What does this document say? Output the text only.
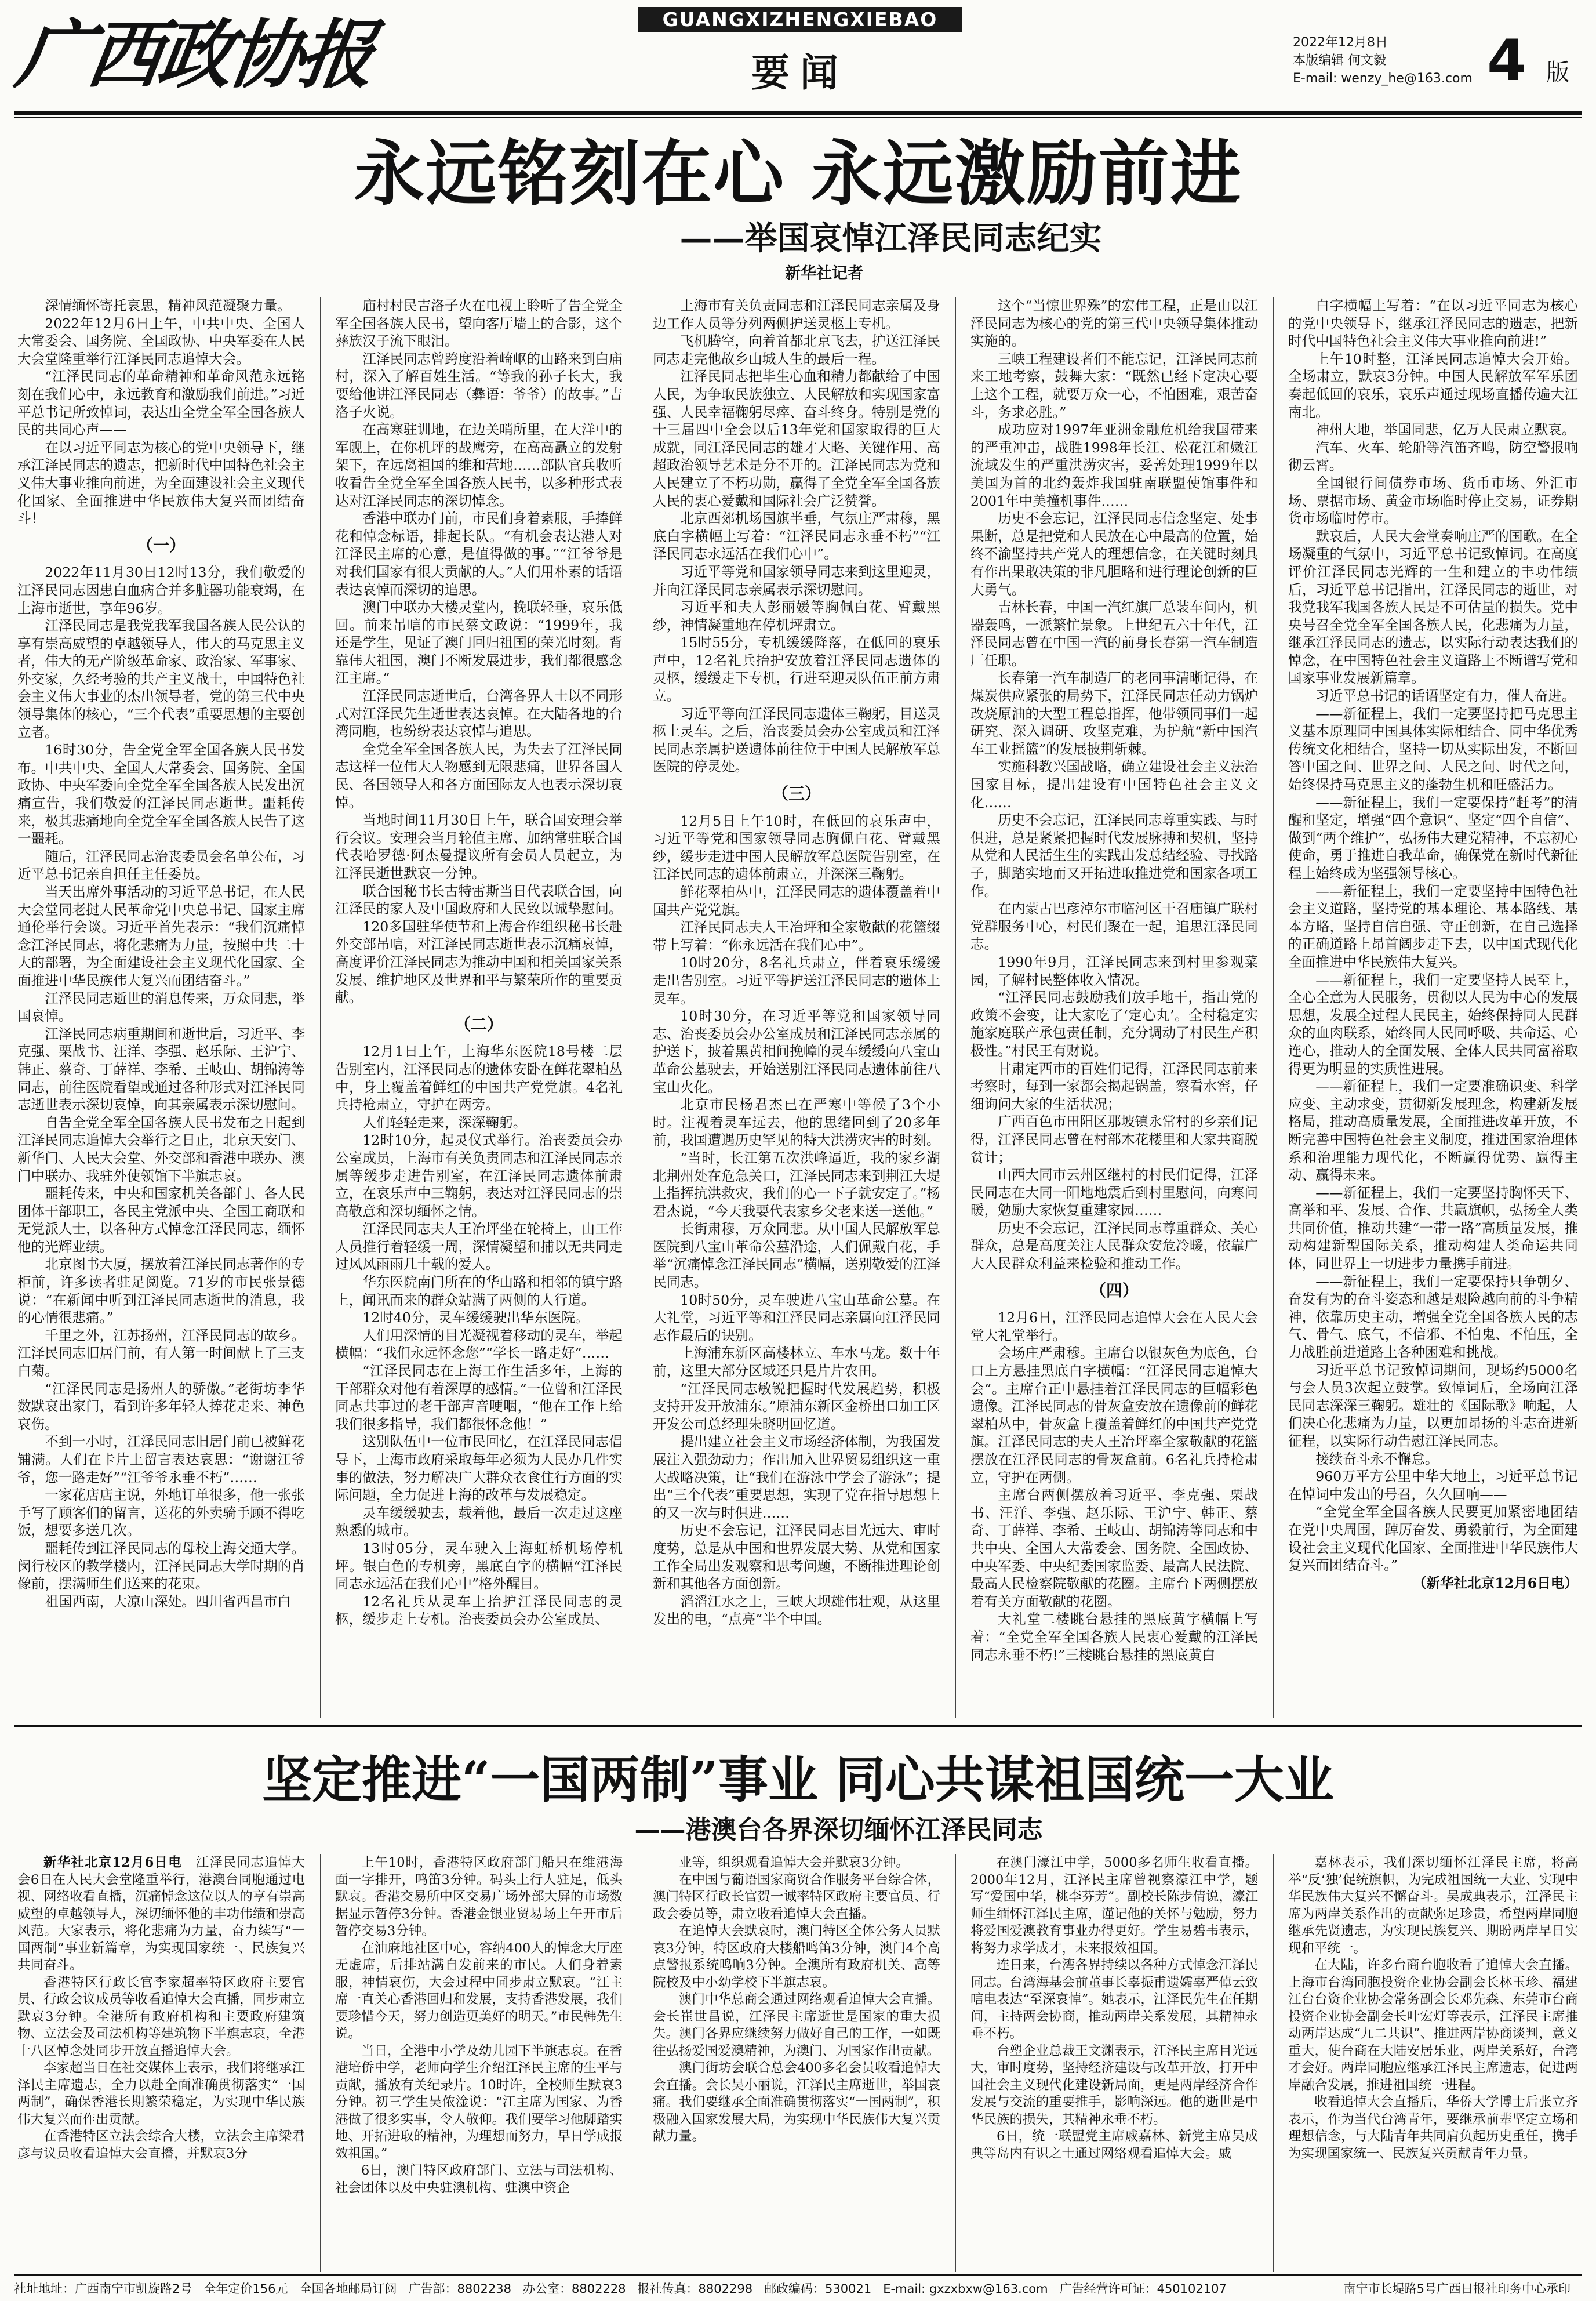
广西政协报	GUANGXIZHENGXIEBAO
要闻
2022年12月8日
本版编辑 何文毅
E-mail: wenzy_he@163.com 4 版
永远铭刻在心 永远激励前进
——举国哀悼江泽民同志纪实
新华社记者
坚定推进“一国两制”事业 同心共谋祖国统一大业
——港澳台各界深切缅怀江泽民同志
社址地址：广西南宁市凯旋路2号 全年定价156元 全国各地邮局订阅 广告部：8802238 办公室：8802228 报社传真：8802298 邮政编码：530021 E-mail: gxzxbxw@163.com 广告经营许可证：450102107	南宁市长堤路5号广西日报社印务中心承印

深情缅怀寄托哀思，精神风范凝聚力量。

2022年12月6日上午，中共中央、全国人大常委会、国务院、全国政协、中央军委在人民大会堂隆重举行江泽民同志追悼大会。

“江泽民同志的革命精神和革命风范永远铭刻在我们心中，永远教育和激励我们前进。”习近平总书记所致悼词，表达出全党全军全国各族人民的共同心声——

在以习近平同志为核心的党中央领导下，继承江泽民同志的遗志，把新时代中国特色社会主义伟大事业推向前进，为全面建设社会主义现代化国家、全面推进中华民族伟大复兴而团结奋斗！

（一）

2022年11月30日12时13分，我们敬爱的江泽民同志因患白血病合并多脏器功能衰竭，在上海市逝世，享年96岁。

江泽民同志是我党我军我国各族人民公认的享有崇高威望的卓越领导人，伟大的马克思主义者，伟大的无产阶级革命家、政治家、军事家、外交家，久经考验的共产主义战士，中国特色社会主义伟大事业的杰出领导者，党的第三代中央领导集体的核心，“三个代表”重要思想的主要创立者。

16时30分，告全党全军全国各族人民书发布。中共中央、全国人大常委会、国务院、全国政协、中央军委向全党全军全国各族人民发出沉痛宣告，我们敬爱的江泽民同志逝世。噩耗传来，极其悲痛地向全党全军全国各族人民告了这一噩耗。

随后，江泽民同志治丧委员会名单公布，习近平总书记亲自担任主任委员。

当天出席外事活动的习近平总书记，在人民大会堂同老挝人民革命党中央总书记、国家主席通伦举行会谈。习近平首先表示：“我们沉痛悼念江泽民同志，将化悲痛为力量，按照中共二十大的部署，为全面建设社会主义现代化国家、全面推进中华民族伟大复兴而团结奋斗。”

江泽民同志逝世的消息传来，万众同悲，举国哀悼。

江泽民同志病重期间和逝世后，习近平、李克强、栗战书、汪洋、李强、赵乐际、王沪宁、韩正、蔡奇、丁薛祥、李希、王岐山、胡锦涛等同志，前往医院看望或通过各种形式对江泽民同志逝世表示深切哀悼，向其亲属表示深切慰问。

自告全党全军全国各族人民书发布之日起到江泽民同志追悼大会举行之日止，北京天安门、新华门、人民大会堂、外交部和香港中联办、澳门中联办、我驻外使领馆下半旗志哀。

噩耗传来，中央和国家机关各部门、各人民团体干部职工，各民主党派中央、全国工商联和无党派人士，以各种方式悼念江泽民同志，缅怀他的光辉业绩。

北京图书大厦，摆放着江泽民同志著作的专柜前，许多读者驻足阅览。71岁的市民张景德说：“在新闻中听到江泽民同志逝世的消息，我的心情很悲痛。”

千里之外，江苏扬州，江泽民同志的故乡。江泽民同志旧居门前，有人第一时间献上了三支白菊。

“江泽民同志是扬州人的骄傲。”老街坊李华数默哀出家门，看到许多年轻人捧花走来、神色哀伤。

不到一小时，江泽民同志旧居门前已被鲜花铺满。人们在卡片上留言表达哀思：“谢谢江爷爷，您一路走好”“江爷爷永垂不朽”……

一家花店店主说，外地订单很多，他一张张手写了顾客们的留言，送花的外卖骑手顾不得吃饭，想要多送几次。

噩耗传到江泽民同志的母校上海交通大学。闵行校区的教学楼内，江泽民同志大学时期的肖像前，摆满师生们送来的花束。

祖国西南，大凉山深处。四川省西昌市白

庙村村民吉洛子火在电视上聆听了告全党全军全国各族人民书，望向客厅墙上的合影，这个彝族汉子流下眼泪。

江泽民同志曾跨度沿着崎岖的山路来到白庙村，深入了解百姓生活。“等我的孙子长大，我要给他讲江泽民同志（彝语：爷爷）的故事。”吉洛子火说。

在高寒驻训地，在边关哨所里，在大洋中的军舰上，在你机坪的战鹰旁，在高高矗立的发射架下，在远离祖国的维和营地……部队官兵收听收看告全党全军全国各族人民书，以多种形式表达对江泽民同志的深切悼念。

香港中联办门前，市民们身着素服，手捧鲜花和悼念标语，排起长队。“有机会表达港人对江泽民主席的心意，是值得做的事。”“江爷爷是对我们国家有很大贡献的人。”人们用朴素的话语表达哀悼而深切的追思。

澳门中联办大楼灵堂内，挽联轻垂，哀乐低回。前来吊唁的市民蔡文政说：“1999年，我还是学生，见证了澳门回归祖国的荣光时刻。背靠伟大祖国，澳门不断发展进步，我们都很感念江主席。”

江泽民同志逝世后，台湾各界人士以不同形式对江泽民先生逝世表达哀悼。在大陆各地的台湾同胞，也纷纷表达哀悼与追思。

全党全军全国各族人民，为失去了江泽民同志这样一位伟大人物感到无限悲痛，世界各国人民、各国领导人和各方面国际友人也表示深切哀悼。

当地时间11月30日上午，联合国安理会举行会议。安理会当月轮值主席、加纳常驻联合国代表哈罗德·阿杰曼提议所有会员人员起立，为江泽民逝世默哀一分钟。

联合国秘书长古特雷斯当日代表联合国，向江泽民的家人及中国政府和人民致以诚挚慰问。

120多国驻华使节和上海合作组织秘书长赴外交部吊唁，对江泽民同志逝世表示沉痛哀悼，高度评价江泽民同志为推动中国和相关国家关系发展、维护地区及世界和平与繁荣所作的重要贡献。

（二）

12月1日上午，上海华东医院18号楼二层告别室内，江泽民同志的遗体安卧在鲜花翠柏丛中，身上覆盖着鲜红的中国共产党党旗。4名礼兵持枪肃立，守护在两旁。

人们轻轻走来，深深鞠躬。

12时10分，起灵仪式举行。治丧委员会办公室成员，上海市有关负责同志和江泽民同志亲属等缓步走进告别室，在江泽民同志遗体前肃立，在哀乐声中三鞠躬，表达对江泽民同志的崇高敬意和深切缅怀之情。

江泽民同志夫人王冶坪坐在轮椅上，由工作人员推行着轻缓一周，深情凝望和捕以无共同走过风风雨雨几十载的爱人。

华东医院南门所在的华山路和相邻的镇宁路上，闻讯而来的群众站满了两侧的人行道。

12时40分，灵车缓缓驶出华东医院。

人们用深情的目光凝视着移动的灵车，举起横幅：“我们永远怀念您”“学长一路走好”……

“江泽民同志在上海工作生活多年，上海的干部群众对他有着深厚的感情。”一位曾和江泽民同志共事过的老干部声音哽咽，“他在工作上给我们很多指导，我们都很怀念他！”

这别队伍中一位市民回忆，在江泽民同志倡导下，上海市政府采取每年必须为人民办几件实事的做法，努力解决广大群众衣食住行方面的实际问题，全力促进上海的改革与发展稳定。

灵车缓缓驶去，载着他，最后一次走过这座熟悉的城市。

13时05分，灵车驶入上海虹桥机场停机坪。银白色的专机旁，黑底白字的横幅“江泽民同志永远活在我们心中”格外醒目。

12名礼兵从灵车上抬护江泽民同志的灵柩，缓步走上专机。治丧委员会办公室成员、

上海市有关负责同志和江泽民同志亲属及身边工作人员等分列两侧护送灵柩上专机。

飞机腾空，向着首都北京飞去，护送江泽民同志走完他故乡山城人生的最后一程。

江泽民同志把毕生心血和精力都献给了中国人民，为争取民族独立、人民解放和实现国家富强、人民幸福鞠躬尽瘁、奋斗终身。特别是党的十三届四中全会以后13年党和国家取得的巨大成就，同江泽民同志的雄才大略、关键作用、高超政治领导艺术是分不开的。江泽民同志为党和人民建立了不朽功勋，赢得了全党全军全国各族人民的衷心爱戴和国际社会广泛赞誉。

北京西郊机场国旗半垂，气氛庄严肃穆，黑底白字横幅上写着：“江泽民同志永垂不朽”“江泽民同志永远活在我们心中”。

习近平等党和国家领导同志来到这里迎灵，并向江泽民同志亲属表示深切慰问。

习近平和夫人彭丽媛等胸佩白花、臂戴黑纱，神情凝重地在停机坪肃立。

15时55分，专机缓缓降落，在低回的哀乐声中，12名礼兵抬护安放着江泽民同志遗体的灵柩，缓缓走下专机，行进至迎灵队伍正前方肃立。

习近平等向江泽民同志遗体三鞠躬，目送灵柩上灵车。之后，治丧委员会办公室成员和江泽民同志亲属护送遗体前往位于中国人民解放军总医院的停灵处。

（三）

12月5日上午10时，在低回的哀乐声中，习近平等党和国家领导同志胸佩白花、臂戴黑纱，缓步走进中国人民解放军总医院告别室，在江泽民同志的遗体前肃立，并深深三鞠躬。

鲜花翠柏丛中，江泽民同志的遗体覆盖着中国共产党党旗。

江泽民同志夫人王冶坪和全家敬献的花篮缀带上写着：“你永远活在我们心中”。

10时20分，8名礼兵肃立，伴着哀乐缓缓走出告别室。习近平等护送江泽民同志的遗体上灵车。

10时30分，在习近平等党和国家领导同志、治丧委员会办公室成员和江泽民同志亲属的护送下，披着黑黄相间挽幛的灵车缓缓向八宝山革命公墓驶去，开始送别江泽民同志遗体前往八宝山火化。

北京市民杨君杰已在严寒中等候了3个小时。注视着灵车远去，他的思绪回到了20多年前，我国遭遇历史罕见的特大洪涝灾害的时刻。

“当时，长江第五次洪峰逼近，我的家乡湖北荆州处在危急关口，江泽民同志来到荆江大堤上指挥抗洪救灾，我们的心一下子就安定了。”杨君杰说，“今天我要代表家乡父老来送一送他。”

长街肃穆，万众同悲。从中国人民解放军总医院到八宝山革命公墓沿途，人们佩戴白花，手举“沉痛悼念江泽民同志”横幅，送别敬爱的江泽民同志。

10时50分，灵车驶进八宝山革命公墓。在大礼堂，习近平等和江泽民同志亲属向江泽民同志作最后的诀别。

上海浦东新区高楼林立、车水马龙。数十年前，这里大部分区域还只是片片农田。

“江泽民同志敏锐把握时代发展趋势，积极支持开发开放浦东。”原浦东新区金桥出口加工区开发公司总经理朱晓明回忆道。

提出建立社会主义市场经济体制，为我国发展注入强劲动力；作出加入世界贸易组织这一重大战略决策，让“我们在游泳中学会了游泳”；提出“三个代表”重要思想，实现了党在指导思想上的又一次与时俱进……

历史不会忘记，江泽民同志目光远大、审时度势，总是从中国和世界发展大势、从党和国家工作全局出发观察和思考问题，不断推进理论创新和其他各方面创新。

滔滔江水之上，三峡大坝雄伟壮观，从这里发出的电，“点亮”半个中国。

这个“当惊世界殊”的宏伟工程，正是由以江泽民同志为核心的党的第三代中央领导集体推动实施的。

三峡工程建设者们不能忘记，江泽民同志前来工地考察，鼓舞大家：“既然已经下定决心要上这个工程，就要万众一心，不怕困难，艰苦奋斗，务求必胜。”

成功应对1997年亚洲金融危机给我国带来的严重冲击，战胜1998年长江、松花江和嫩江流域发生的严重洪涝灾害，妥善处理1999年以美国为首的北约轰炸我国驻南联盟使馆事件和2001年中美撞机事件……

历史不会忘记，江泽民同志信念坚定、处事果断，总是把党和人民放在心中最高的位置，始终不渝坚持共产党人的理想信念，在关键时刻具有作出果敢决策的非凡胆略和进行理论创新的巨大勇气。

吉林长春，中国一汽红旗厂总装车间内，机器轰鸣，一派繁忙景象。上世纪五六十年代，江泽民同志曾在中国一汽的前身长春第一汽车制造厂任职。

长春第一汽车制造厂的老同事清晰记得，在煤炭供应紧张的局势下，江泽民同志任动力锅炉改烧原油的大型工程总指挥，他带领同事们一起研究、深入调研、攻坚克难，为护航“新中国汽车工业摇篮”的发展披荆斩棘。

实施科教兴国战略，确立建设社会主义法治国家目标，提出建设有中国特色社会主义文化……

历史不会忘记，江泽民同志尊重实践、与时俱进，总是紧紧把握时代发展脉搏和契机，坚持从党和人民活生生的实践出发总结经验、寻找路子，脚踏实地而又开拓进取推进党和国家各项工作。

在内蒙古巴彦淖尔市临河区干召庙镇广联村党群服务中心，村民们聚在一起，追思江泽民同志。

1990年9月，江泽民同志来到村里参观菜园，了解村民整体收入情况。

“江泽民同志鼓励我们放手地干，指出党的政策不会变，让大家吃了‘定心丸’。全村稳定实施家庭联产承包责任制，充分调动了村民生产积极性。”村民王有财说。

甘肃定西市的百姓们记得，江泽民同志前来考察时，每到一家都会揭起锅盖，察看水窖，仔细询问大家的生活状况；

广西百色市田阳区那坡镇永常村的乡亲们记得，江泽民同志曾在村部木花楼里和大家共商脱贫计；

山西大同市云州区继村的村民们记得，江泽民同志在大同一阳地地震后到村里慰问，向寒问暖，勉励大家恢复重建家园……

历史不会忘记，江泽民同志尊重群众、关心群众，总是高度关注人民群众安危冷暖，依靠广大人民群众利益来检验和推动工作。

（四）

12月6日，江泽民同志追悼大会在人民大会堂大礼堂举行。

会场庄严肃穆。主席台以银灰色为底色，台口上方悬挂黑底白字横幅：“江泽民同志追悼大会”。主席台正中悬挂着江泽民同志的巨幅彩色遗像。江泽民同志的骨灰盒安放在遗像前的鲜花翠柏丛中，骨灰盒上覆盖着鲜红的中国共产党党旗。江泽民同志的夫人王冶坪率全家敬献的花篮摆放在江泽民同志的骨灰盒前。6名礼兵持枪肃立，守护在两侧。

主席台两侧摆放着习近平、李克强、栗战书、汪洋、李强、赵乐际、王沪宁、韩正、蔡奇、丁薛祥、李希、王岐山、胡锦涛等同志和中共中央、全国人大常委会、国务院、全国政协、中央军委、中央纪委国家监委、最高人民法院、最高人民检察院敬献的花圈。主席台下两侧摆放着有关方面敬献的花圈。

大礼堂二楼眺台悬挂的黑底黄字横幅上写着：“全党全军全国各族人民衷心爱戴的江泽民同志永垂不朽!”三楼眺台悬挂的黑底黄白

白字横幅上写着：“在以习近平同志为核心的党中央领导下，继承江泽民同志的遗志，把新时代中国特色社会主义伟大事业推向前进!”

上午10时整，江泽民同志追悼大会开始。全场肃立，默哀3分钟。中国人民解放军军乐团奏起低回的哀乐，哀乐声通过现场直播传遍大江南北。

神州大地，举国同悲，亿万人民肃立默哀。

汽车、火车、轮船等汽笛齐鸣，防空警报响彻云霄。

全国银行间债券市场、货币市场、外汇市场、票据市场、黄金市场临时停止交易，证券期货市场临时停市。

默哀后，人民大会堂奏响庄严的国歌。在全场凝重的气氛中，习近平总书记致悼词。在高度评价江泽民同志光辉的一生和建立的丰功伟绩后，习近平总书记指出，江泽民同志的逝世，对我党我军我国各族人民是不可估量的损失。党中央号召全党全军全国各族人民，化悲痛为力量，继承江泽民同志的遗志，以实际行动表达我们的悼念，在中国特色社会主义道路上不断谱写党和国家事业发展新篇章。

习近平总书记的话语坚定有力，催人奋进。

——新征程上，我们一定要坚持把马克思主义基本原理同中国具体实际相结合、同中华优秀传统文化相结合，坚持一切从实际出发，不断回答中国之问、世界之问、人民之问、时代之问，始终保持马克思主义的蓬勃生机和旺盛活力。

——新征程上，我们一定要保持“赶考”的清醒和坚定，增强“四个意识”、坚定“四个自信”、做到“两个维护”，弘扬伟大建党精神，不忘初心使命，勇于推进自我革命，确保党在新时代新征程上始终成为坚强领导核心。

——新征程上，我们一定要坚持中国特色社会主义道路，坚持党的基本理论、基本路线、基本方略，坚持自信自强、守正创新，在自己选择的正确道路上昂首阔步走下去，以中国式现代化全面推进中华民族伟大复兴。

——新征程上，我们一定要坚持人民至上，全心全意为人民服务，贯彻以人民为中心的发展思想，发展全过程人民民主，始终保持同人民群众的血肉联系，始终同人民同呼吸、共命运、心连心，推动人的全面发展、全体人民共同富裕取得更为明显的实质性进展。

——新征程上，我们一定要准确识变、科学应变、主动求变，贯彻新发展理念，构建新发展格局，推动高质量发展，全面推进改革开放，不断完善中国特色社会主义制度，推进国家治理体系和治理能力现代化，不断赢得优势、赢得主动、赢得未来。

——新征程上，我们一定要坚持胸怀天下、高举和平、发展、合作、共赢旗帜，弘扬全人类共同价值，推动共建“一带一路”高质量发展，推动构建新型国际关系，推动构建人类命运共同体，同世界上一切进步力量携手前进。

——新征程上，我们一定要保持只争朝夕、奋发有为的奋斗姿态和越是艰险越向前的斗争精神，依靠历史主动，增强全党全国各族人民的志气、骨气、底气，不信邪、不怕鬼、不怕压，全力战胜前进道路上各种困难和挑战。

习近平总书记致悼词期间，现场约5000名与会人员3次起立鼓掌。致悼词后，全场向江泽民同志深深三鞠躬。雄壮的《国际歌》响起，人们决心化悲痛为力量，以更加昂扬的斗志奋进新征程，以实际行动告慰江泽民同志。

接续奋斗永不懈怠。

960万平方公里中华大地上，习近平总书记在悼词中发出的号召，久久回响——

“全党全军全国各族人民要更加紧密地团结在党中央周围，踔厉奋发、勇毅前行，为全面建设社会主义现代化国家、全面推进中华民族伟大复兴而团结奋斗。”

（新华社北京12月6日电）

新华社北京12月6日电　江泽民同志追悼大会6日在人民大会堂隆重举行，港澳台同胞通过电视、网络收看直播，沉痛悼念这位以人的亨有崇高威望的卓越领导人，深切缅怀他的丰功伟绩和崇高风范。大家表示，将化悲痛为力量，奋力续写“一国两制”事业新篇章，为实现国家统一、民族复兴共同奋斗。

香港特区行政长官李家超率特区政府主要官员、行政会议成员等收看追悼大会直播，同步肃立默哀3分钟。全港所有政府机构和主要政府建筑物、立法会及司法机构等建筑物下半旗志哀，全港十八区悼念处同步开放直播追悼大会。

李家超当日在社交媒体上表示，我们将继承江泽民主席遗志，全力以赴全面准确贯彻落实“一国两制”，确保香港长期繁荣稳定，为实现中华民族伟大复兴而作出贡献。

在香港特区立法会综合大楼，立法会主席梁君彦与议员收看追悼大会直播，并默哀3分

上午10时，香港特区政府部门船只在维港海面一字排开，鸣笛3分钟。码头上行人驻足，低头默哀。香港交易所中区交易广场外部大屏的市场数据显示暂停3分钟。香港金银业贸易场上午开市后暂停交易3分钟。

在油麻地社区中心，容纳400人的悼念大厅座无虚席，后排站满自发前来的市民。人们身着素服，神情哀伤，大会过程中同步肃立默哀。“江主席一直关心香港回归和发展，支持香港发展，我们要珍惜今天，努力创造更美好的明天。”市民韩先生说。

当日，全港中小学及幼儿园下半旗志哀。在香港培侨中学，老师向学生介绍江泽民主席的生平与贡献，播放有关纪录片。10时许，全校师生默哀3分钟。初三学生吴侬淦说：“江主席为国家、为香港做了很多实事，令人敬仰。我们要学习他脚踏实地、开拓进取的精神，为理想而努力，早日学成报效祖国。”

6日，澳门特区政府部门、立法与司法机构、社会团体以及中央驻澳机构、驻澳中资企

业等，组织观看追悼大会并默哀3分钟。

在中国与葡语国家商贸合作服务平台综合体，澳门特区行政长官贺一诚率特区政府主要官员、行政会委员等，肃立收看追悼大会直播。

在追悼大会默哀时，澳门特区全体公务人员默哀3分钟，特区政府大楼船鸣笛3分钟，澳门4个高点警报系统鸣响3分钟。全澳所有政府机关、高等院校及中小幼学校下半旗志哀。

澳门中华总商会通过网络观看追悼大会直播。会长崔世昌说，江泽民主席逝世是国家的重大损失。澳门各界应继续努力做好自己的工作，一如既往弘扬爱国爱澳精神，为澳门、为国家作出贡献。

澳门街坊会联合总会400多名会员收看追悼大会直播。会长吴小丽说，江泽民主席逝世，举国哀痛。我们要继承全面准确贯彻落实“一国两制”，积极融入国家发展大局，为实现中华民族伟大复兴贡献力量。

在澳门濠江中学，5000多名师生收看直播。2000年12月，江泽民主席曾视察濠江中学，题写“爱国中华，桃李芬芳”。副校长陈步倩说，濠江师生缅怀江泽民主席，谨记他的关怀与勉励，努力将爱国爱澳教育事业办得更好。学生易碧韦表示，将努力求学成才，未来报效祖国。

连日来，台湾各界持续以各种方式悼念江泽民同志。台湾海基会前董事长辜振甫遗孀辜严倬云致唁电表达“至深哀悼”。她表示，江泽民先生在任期间，主持两会协商，推动两岸关系发展，其精神永垂不朽。

台塑企业总裁王文渊表示，江泽民主席目光远大，审时度势，坚持经济建设与改革开放，打开中国社会主义现代化建设新局面，更是两岸经济合作发展与交流的重要推手，影响深远。他的逝世是中华民族的损失，其精神永垂不朽。

6日，统一联盟党主席戚嘉林、新党主席吴成典等岛内有识之士通过网络观看追悼大会。戚

嘉林表示，我们深切缅怀江泽民主席，将高举“反‘独’促统旗帜，为完成祖国统一大业、实现中华民族伟大复兴不懈奋斗。吴成典表示，江泽民主席为两岸关系作出的贡献弥足珍贵，希望两岸同胞继承先贤遗志，为实现民族复兴、期盼两岸早日实现和平统一。

在大陆，许多台商台胞收看了追悼大会直播。上海市台湾同胞投资企业协会副会长林玉珍、福建江台台资企业协会常务副会长邓先森、东莞市台商投资企业协会副会长叶宏灯等表示，江泽民主席推动两岸达成“九二共识”、推进两岸协商谈判，意义重大，使台商在大陆安居乐业，两岸关系好，台湾才会好。两岸同胞应继承江泽民主席遗志，促进两岸融合发展，推进祖国统一进程。

收看追悼大会直播后，华侨大学博士后张立齐表示，作为当代台湾青年，要继承前辈坚定立场和理想信念，与大陆青年共同肩负起历史重任，携手为实现国家统一、民族复兴贡献青年力量。
